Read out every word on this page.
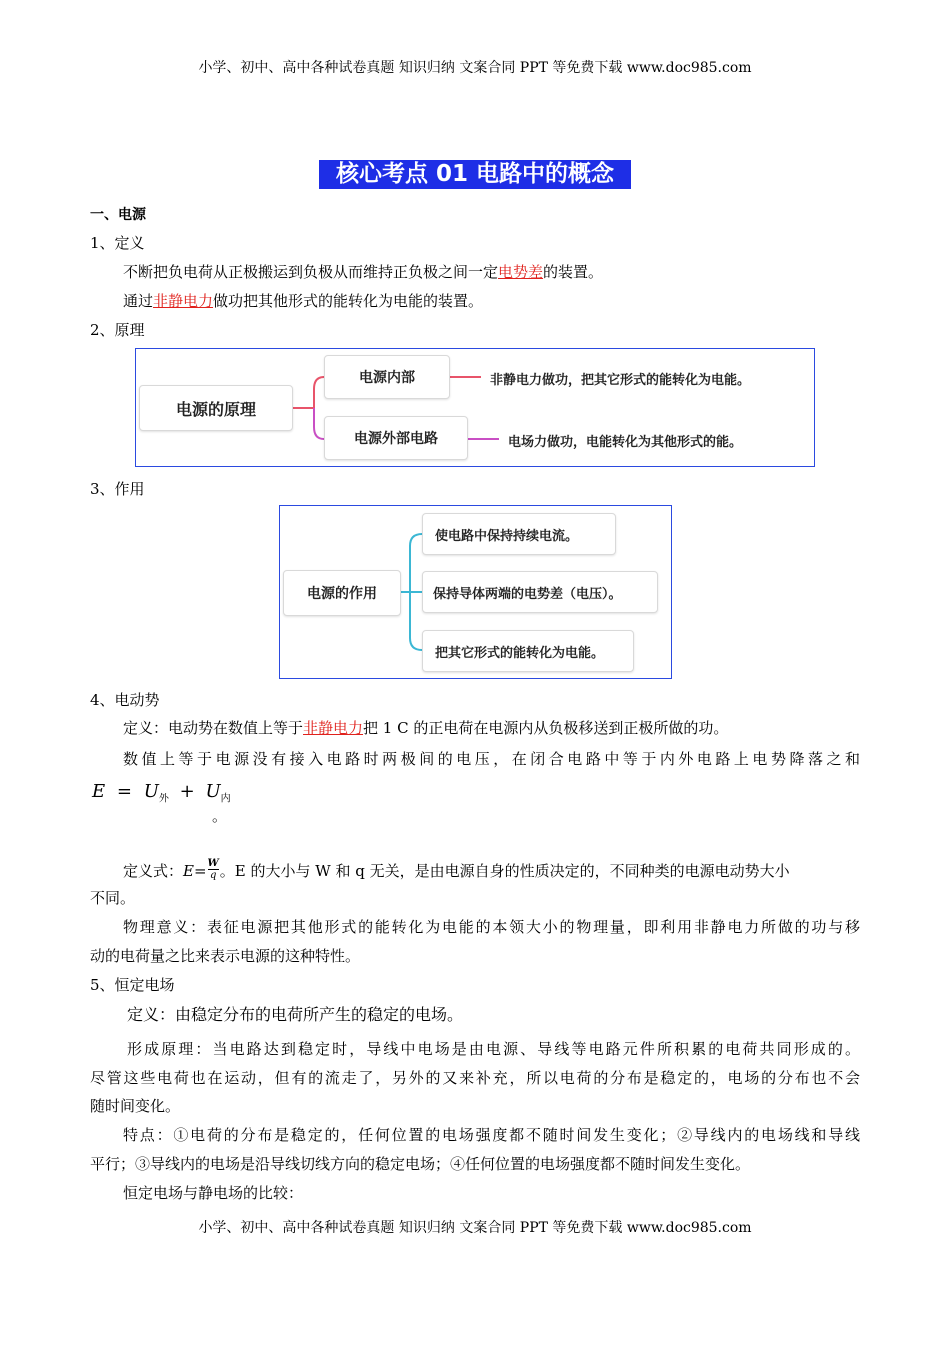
小学、初中、高中各种试卷真题 知识归纳 文案合同 PPT 等免费下载 www.doc985.com
核心考点 01 电路中的概念
一、电源
1、定义
不断把负电荷从正极搬运到负极从而维持正负极之间一定电势差的装置。
通过非静电力做功把其他形式的能转化为电能的装置。
2、原理
电源的原理
电源内部
电源外部电路
非静电力做功，把其它形式的能转化为电能。
电场力做功，电能转化为其他形式的能。
3、作用
电源的作用
使电路中保持持续电流。
保持导体两端的电势差（电压）。
把其它形式的能转化为电能。
4、电动势
定义：电动势在数值上等于非静电力把 1 C 的正电荷在电源内从负极移送到正极所做的功。
数值上等于电源没有接入电路时两极间的电压，在闭合电路中等于内外电路上电势降落之和
$E = U_外 + U_内$
。
定义式：$E= \frac{W}{q}$ 。E 的大小与 W 和 q 无关，是由电源自身的性质决定的，不同种类的电源电动势大小
不同。
物理意义：表征电源把其他形式的能转化为电能的本领大小的物理量，即利用非静电力所做的功与移
动的电荷量之比来表示电源的这种特性。
5、恒定电场
定义：由稳定分布的电荷所产生的稳定的电场。
形成原理：当电路达到稳定时，导线中电场是由电源、导线等电路元件所积累的电荷共同形成的。
尽管这些电荷也在运动，但有的流走了，另外的又来补充，所以电荷的分布是稳定的，电场的分布也不会
随时间变化。
特点：①电荷的分布是稳定的，任何位置的电场强度都不随时间发生变化；②导线内的电场线和导线
平行；③导线内的电场是沿导线切线方向的稳定电场；④任何位置的电场强度都不随时间发生变化。
恒定电场与静电场的比较：
小学、初中、高中各种试卷真题 知识归纳 文案合同 PPT 等免费下载 www.doc985.com
